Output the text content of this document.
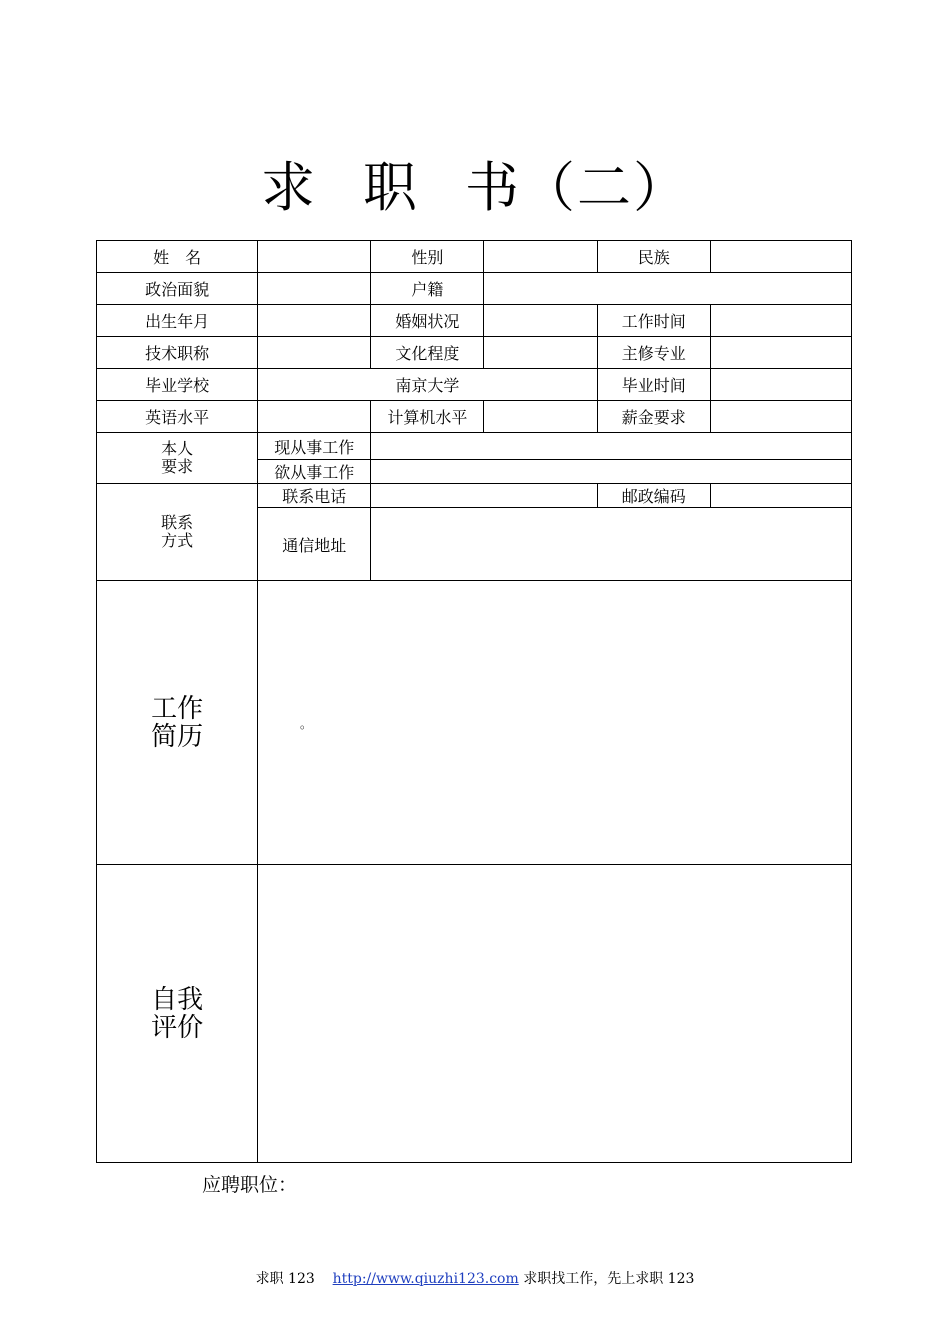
求 职 书（二）
姓　名		性别		民族	
政治面貌		户籍			
出生年月		婚姻状况		工作时间	
技术职称		文化程度		主修专业	
毕业学校	南京大学			毕业时间	
英语水平		计算机水平		薪金要求	
本人
要求	现从事工作				
	欲从事工作				
联系
方式	联系电话			邮政编码	
	通信地址				
工作
简历					
自我
评价					
。
应聘职位：
求职 123 http://www.qiuzhi123.com 求职找工作，先上求职 123
